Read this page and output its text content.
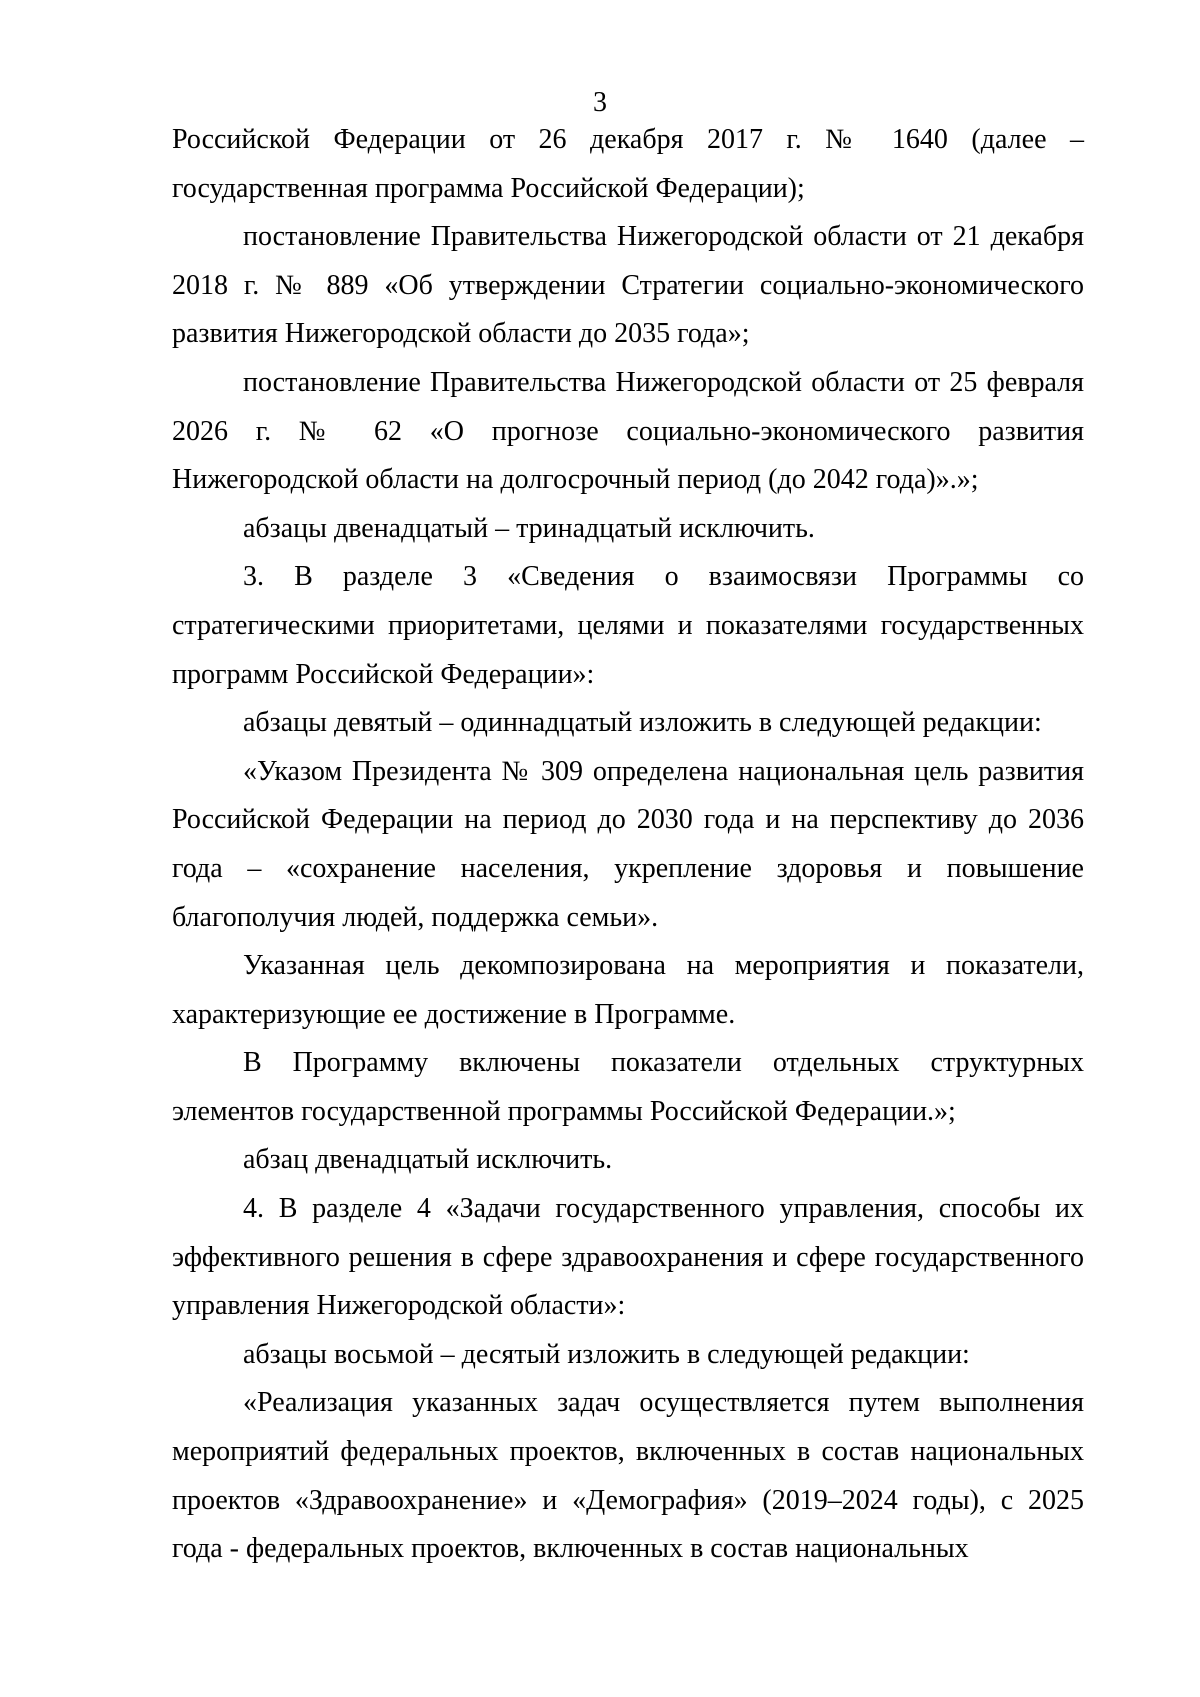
3

Российской Федерации от 26 декабря 2017 г. № 1640 (далее – государственная программа Российской Федерации);

постановление Правительства Нижегородской области от 21 декабря 2018 г. № 889 «Об утверждении Стратегии социально-экономического развития Нижегородской области до 2035 года»;

постановление Правительства Нижегородской области от 25 февраля 2026 г. № 62 «О прогнозе социально-экономического развития Нижегородской области на долгосрочный период (до 2042 года)».»;

абзацы двенадцатый – тринадцатый исключить.

3. В разделе 3 «Сведения о взаимосвязи Программы со стратегическими приоритетами, целями и показателями государственных программ Российской Федерации»:

абзацы девятый – одиннадцатый изложить в следующей редакции:

«Указом Президента № 309 определена национальная цель развития Российской Федерации на период до 2030 года и на перспективу до 2036 года – «сохранение населения, укрепление здоровья и повышение благополучия людей, поддержка семьи».

Указанная цель декомпозирована на мероприятия и показатели, характеризующие ее достижение в Программе.

В Программу включены показатели отдельных структурных элементов государственной программы Российской Федерации.»;

абзац двенадцатый исключить.

4. В разделе 4 «Задачи государственного управления, способы их эффективного решения в сфере здравоохранения и сфере государственного управления Нижегородской области»:

абзацы восьмой – десятый изложить в следующей редакции:

«Реализация указанных задач осуществляется путем выполнения мероприятий федеральных проектов, включенных в состав национальных проектов «Здравоохранение» и «Демография» (2019–2024 годы), с 2025 года - федеральных проектов, включенных в состав национальных
